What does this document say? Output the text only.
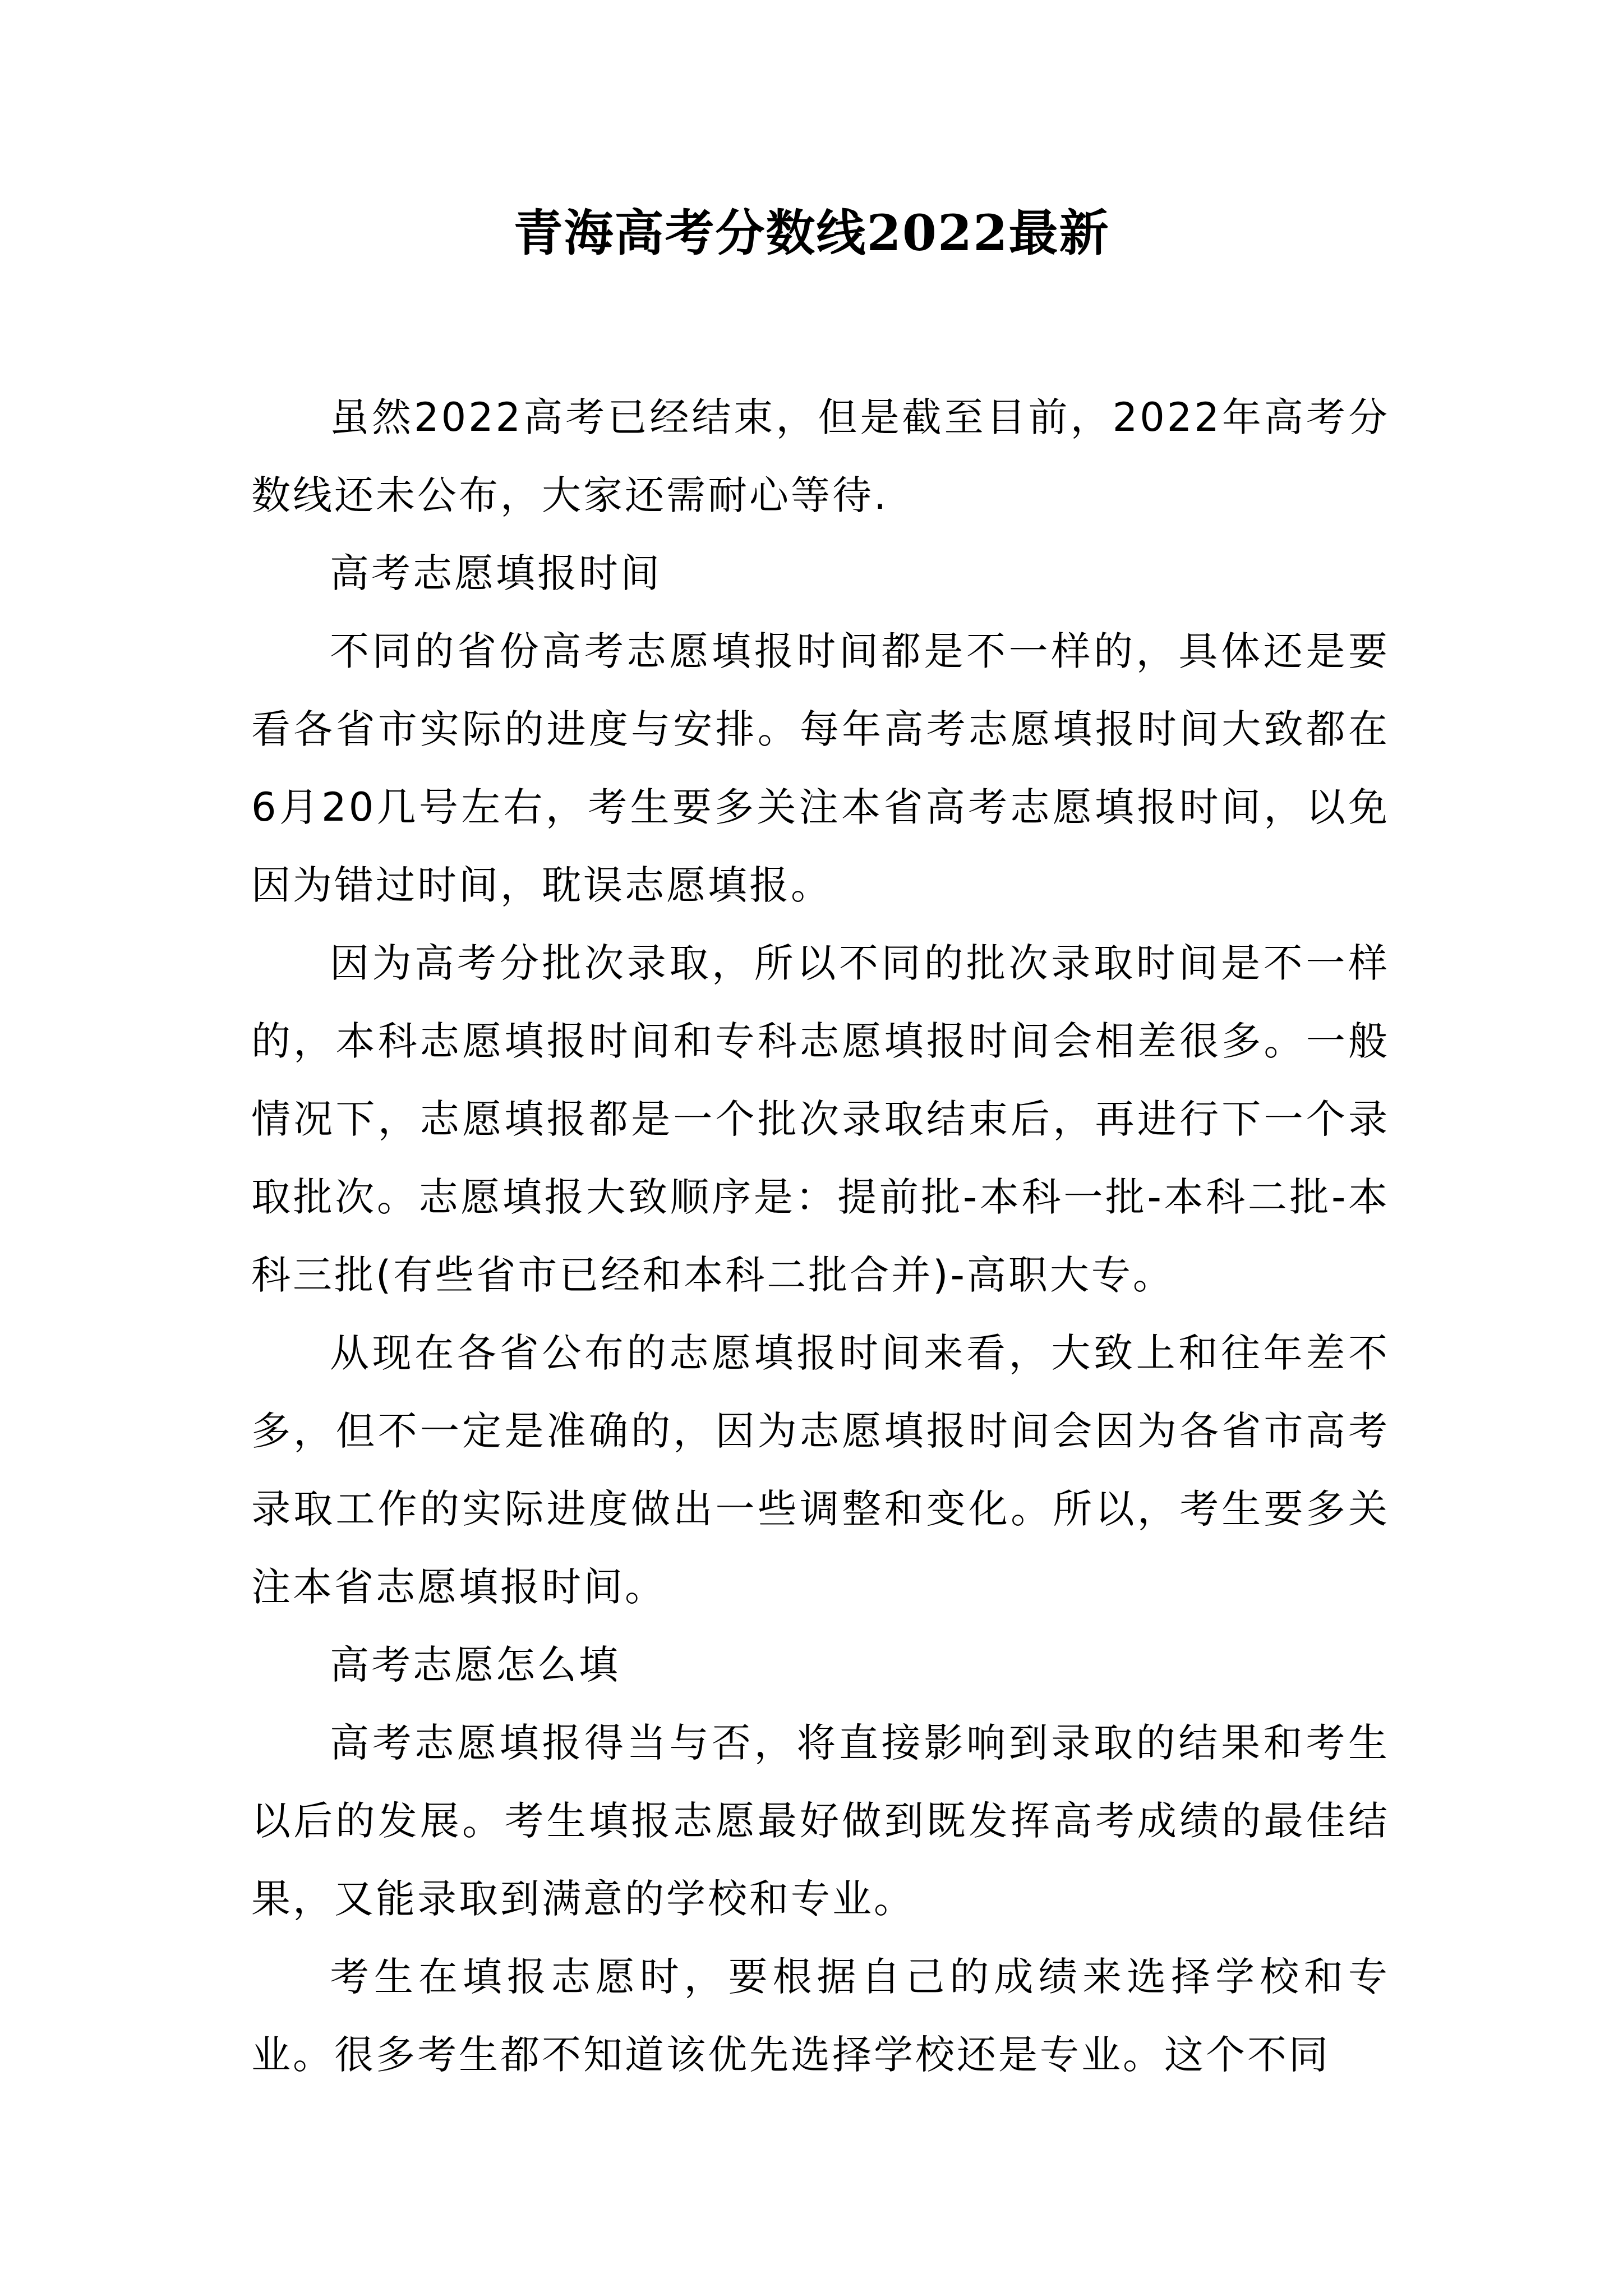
青海高考分数线2022最新

虽然2022高考已经结束，但是截至目前，2022年高考分数线还未公布，大家还需耐心等待.

高考志愿填报时间

不同的省份高考志愿填报时间都是不一样的，具体还是要看各省市实际的进度与安排。每年高考志愿填报时间大致都在6月20几号左右，考生要多关注本省高考志愿填报时间，以免因为错过时间，耽误志愿填报。

因为高考分批次录取，所以不同的批次录取时间是不一样的，本科志愿填报时间和专科志愿填报时间会相差很多。一般情况下，志愿填报都是一个批次录取结束后，再进行下一个录取批次。志愿填报大致顺序是：提前批-本科一批-本科二批-本科三批(有些省市已经和本科二批合并)-高职大专。

从现在各省公布的志愿填报时间来看，大致上和往年差不多，但不一定是准确的，因为志愿填报时间会因为各省市高考录取工作的实际进度做出一些调整和变化。所以，考生要多关注本省志愿填报时间。

高考志愿怎么填

高考志愿填报得当与否，将直接影响到录取的结果和考生以后的发展。考生填报志愿最好做到既发挥高考成绩的最佳结果，又能录取到满意的学校和专业。

考生在填报志愿时，要根据自己的成绩来选择学校和专业。很多考生都不知道该优先选择学校还是专业。这个不同
